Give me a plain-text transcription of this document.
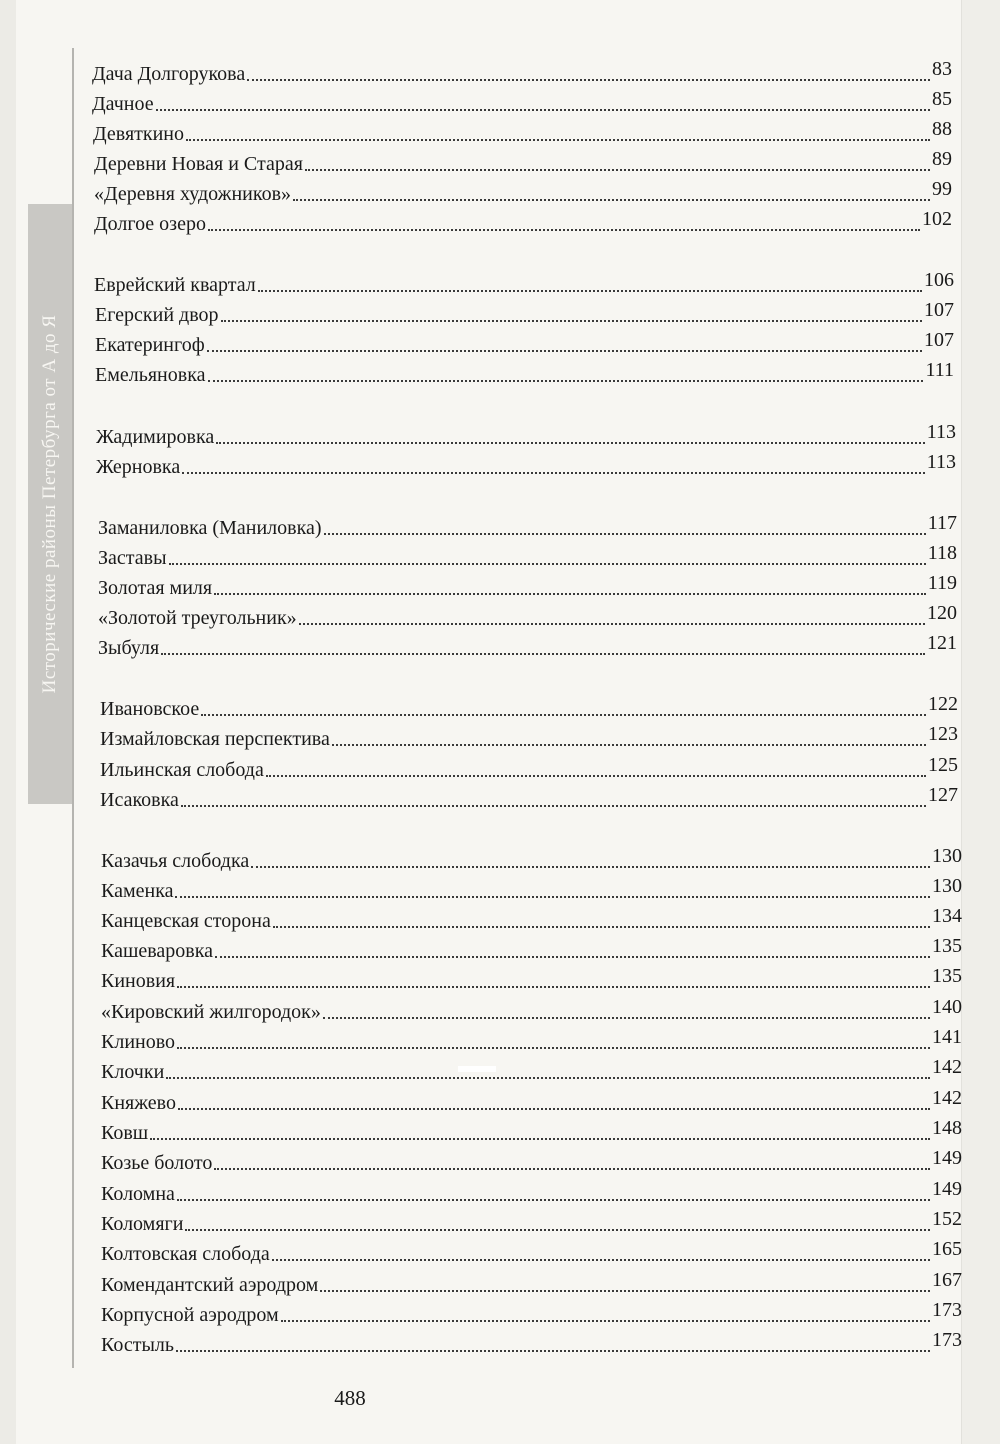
Исторические районы Петербурга от А до Я
Дача Долгорукова	83
Дачное	85
Девяткино	88
Деревни Новая и Старая	89
«Деревня художников»	99
Долгое озеро	102
Еврейский квартал	106
Егерский двор	107
Екатерингоф	107
Емельяновка	111
Жадимировка	113
Жерновка	113
Заманиловка (Маниловка)	117
Заставы	118
Золотая миля	119
«Золотой треугольник»	120
Зыбуля	121
Ивановское	122
Измайловская перспектива	123
Ильинская слобода	125
Исаковка	127
Казачья слободка	130
Каменка	130
Канцевская сторона	134
Кашеваровка	135
Киновия	135
«Кировский жилгородок»	140
Клиново	141
Клочки	142
Княжево	142
Ковш	148
Козье болото	149
Коломна	149
Коломяги	152
Колтовская слобода	165
Комендантский аэродром	167
Корпусной аэродром	173
Костыль	173
488
